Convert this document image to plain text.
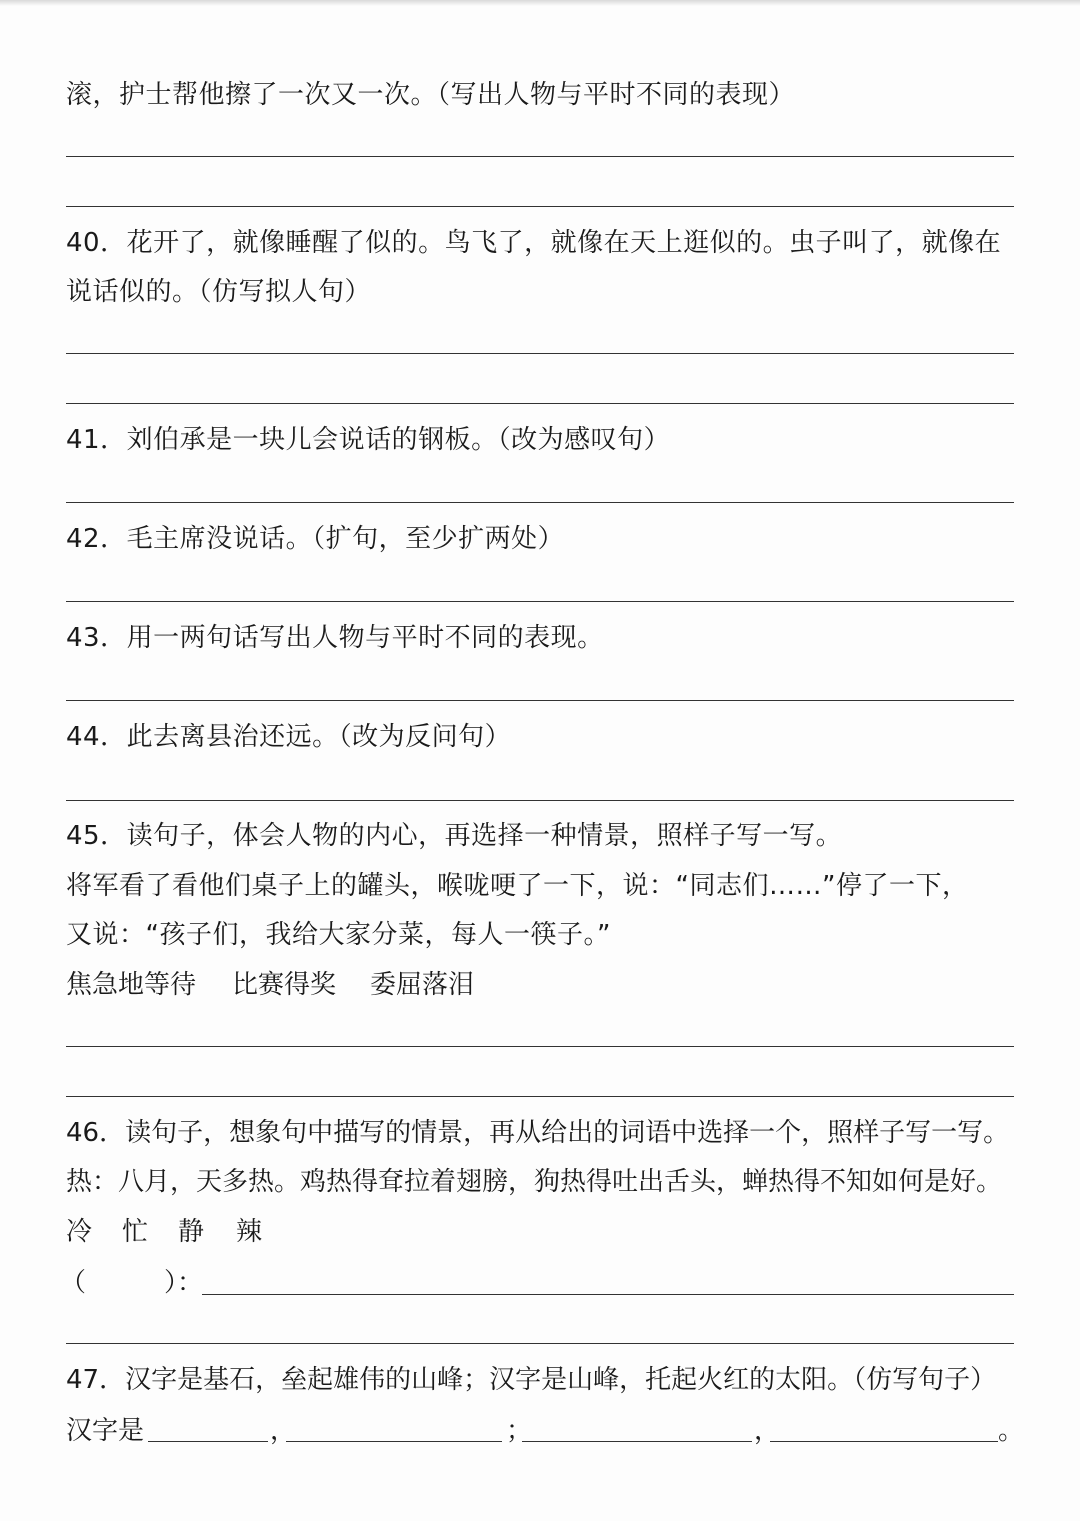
滚，护士帮他擦了一次又一次。（写出人物与平时不同的表现）
40．花开了，就像睡醒了似的。鸟飞了，就像在天上逛似的。虫子叫了，就像在
说话似的。（仿写拟人句）
41．刘伯承是一块儿会说话的钢板。（改为感叹句）
42．毛主席没说话。（扩句，至少扩两处）
43．用一两句话写出人物与平时不同的表现。
44．此去离县治还远。（改为反问句）
45．读句子，体会人物的内心，再选择一种情景，照样子写一写。
将军看了看他们桌子上的罐头，喉咙哽了一下，说：“同志们……”停了一下，
又说：“孩子们，我给大家分菜，每人一筷子。”
焦急地等待 比赛得奖 委屈落泪
46．读句子，想象句中描写的情景，再从给出的词语中选择一个，照样子写一写。
热：八月，天多热。鸡热得耷拉着翅膀，狗热得吐出舌头，蝉热得不知如何是好。
冷 忙 静 辣
（　　　）：
47．汉字是基石，垒起雄伟的山峰；汉字是山峰，托起火红的太阳。（仿写句子）
汉字是	，	；	，	。
